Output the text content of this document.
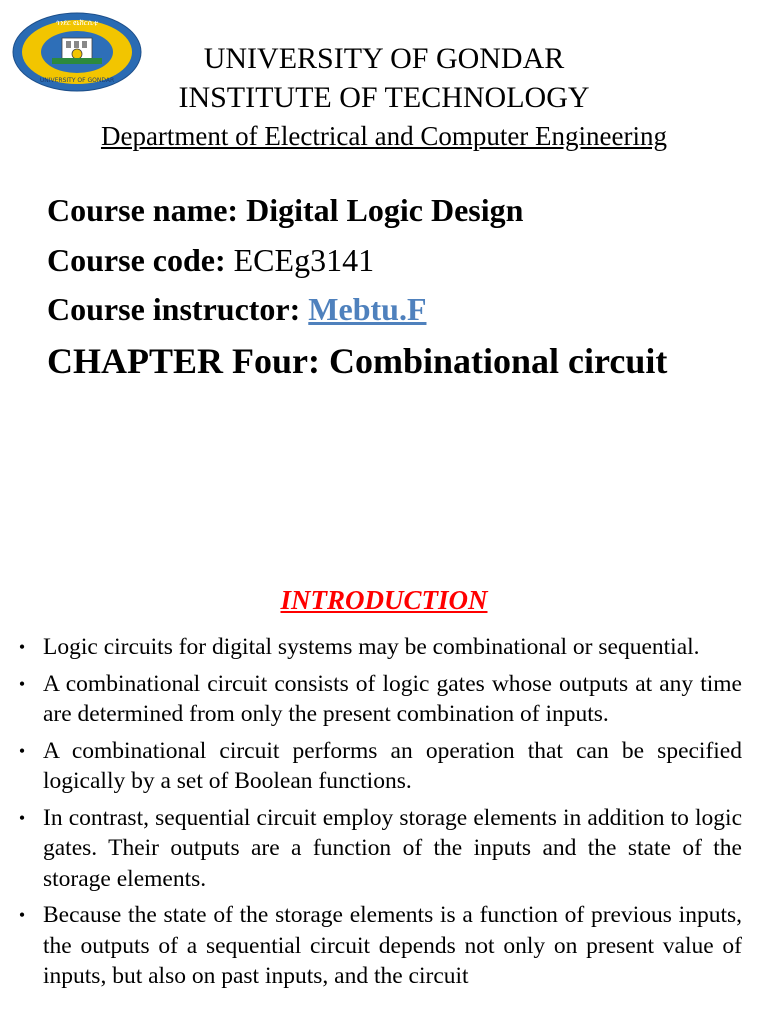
ጎንደር ዩኒቨርሲቲ
UNIVERSITY OF GONDAR
UNIVERSITY OF GONDAR
INSTITUTE OF TECHNOLOGY
Department of Electrical and Computer Engineering
Course name: Digital Logic Design
Course code: ECEg3141
Course instructor: Mebtu.F
CHAPTER Four: Combinational circuit
INTRODUCTION
• Logic circuits for digital systems may be combinational or sequential.
• A combinational circuit consists of logic gates whose outputs at any time are determined from only the present combination of inputs.
• A combinational circuit performs an operation that can be specified logically by a set of Boolean functions.
• In contrast, sequential circuit employ storage elements in addition to logic gates. Their outputs are a function of the inputs and the state of the storage elements.
• Because the state of the storage elements is a function of previous inputs, the outputs of a sequential circuit depends not only on present value of inputs, but also on past inputs, and the circuit
